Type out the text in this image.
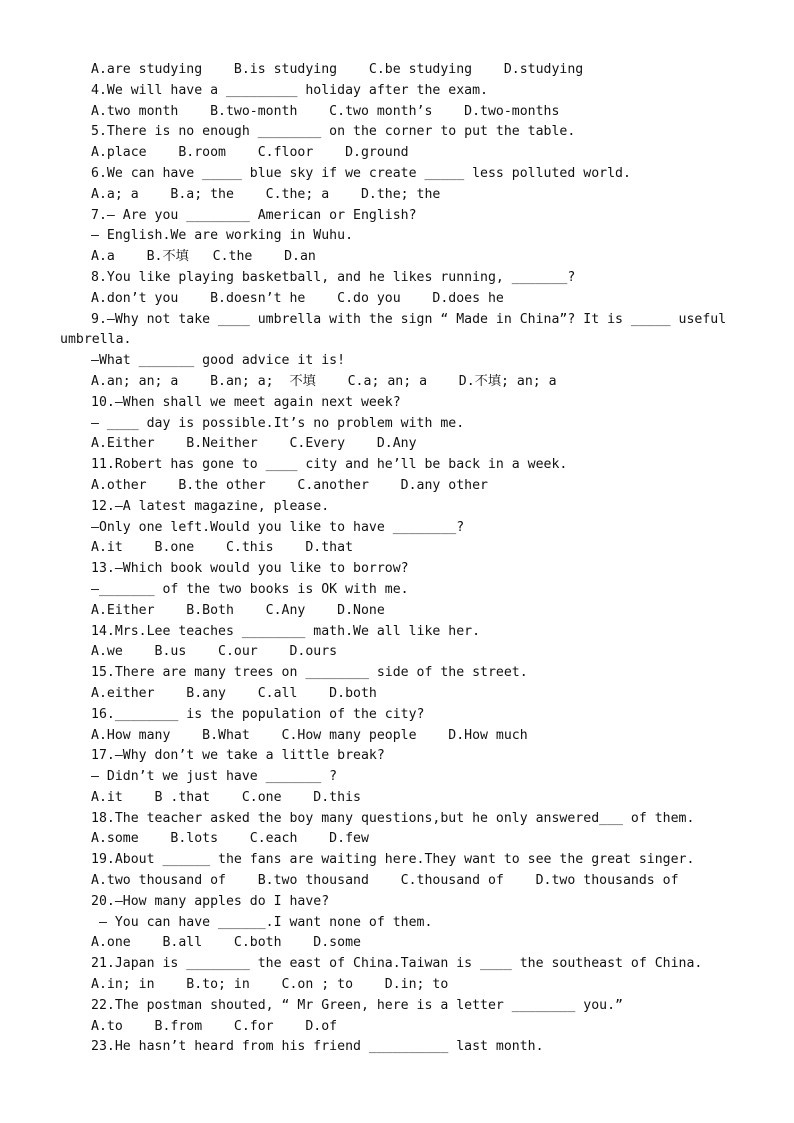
A.are studying    B.is studying    C.be studying    D.studying
4.We will have a _________ holiday after the exam.
A.two month    B.two-month    C.two month’s    D.two-months
5.There is no enough ________ on the corner to put the table.
A.place    B.room    C.floor    D.ground
6.We can have _____ blue sky if we create _____ less polluted world.
A.a; a    B.a; the    C.the; a    D.the; the
7.— Are you ________ American or English?
— English.We are working in Wuhu.
A.a    B.不填   C.the    D.an
8.You like playing basketball, and he likes running, _______?
A.don’t you    B.doesn’t he    C.do you    D.does he
9.—Why not take ____ umbrella with the sign “ Made in China”? It is _____ useful
umbrella.
—What _______ good advice it is!
A.an; an; a    B.an; a;  不填    C.a; an; a    D.不填; an; a
10.—When shall we meet again next week?
— ____ day is possible.It’s no problem with me.
A.Either    B.Neither    C.Every    D.Any
11.Robert has gone to ____ city and he’ll be back in a week.
A.other    B.the other    C.another    D.any other
12.—A latest magazine, please.
—Only one left.Would you like to have ________?
A.it    B.one    C.this    D.that
13.—Which book would you like to borrow?
—_______ of the two books is OK with me.
A.Either    B.Both    C.Any    D.None
14.Mrs.Lee teaches ________ math.We all like her.
A.we    B.us    C.our    D.ours
15.There are many trees on ________ side of the street.
A.either    B.any    C.all    D.both
16.________ is the population of the city?
A.How many    B.What    C.How many people    D.How much
17.—Why don’t we take a little break?
— Didn’t we just have _______ ?
A.it    B .that    C.one    D.this
18.The teacher asked the boy many questions,but he only answered___ of them.
A.some    B.lots    C.each    D.few
19.About ______ the fans are waiting here.They want to see the great singer.
A.two thousand of    B.two thousand    C.thousand of    D.two thousands of
20.—How many apples do I have?
— You can have ______.I want none of them.
A.one    B.all    C.both    D.some
21.Japan is ________ the east of China.Taiwan is ____ the southeast of China.
A.in; in    B.to; in    C.on ; to    D.in; to
22.The postman shouted, “ Mr Green, here is a letter ________ you.”
A.to    B.from    C.for    D.of
23.He hasn’t heard from his friend __________ last month.
